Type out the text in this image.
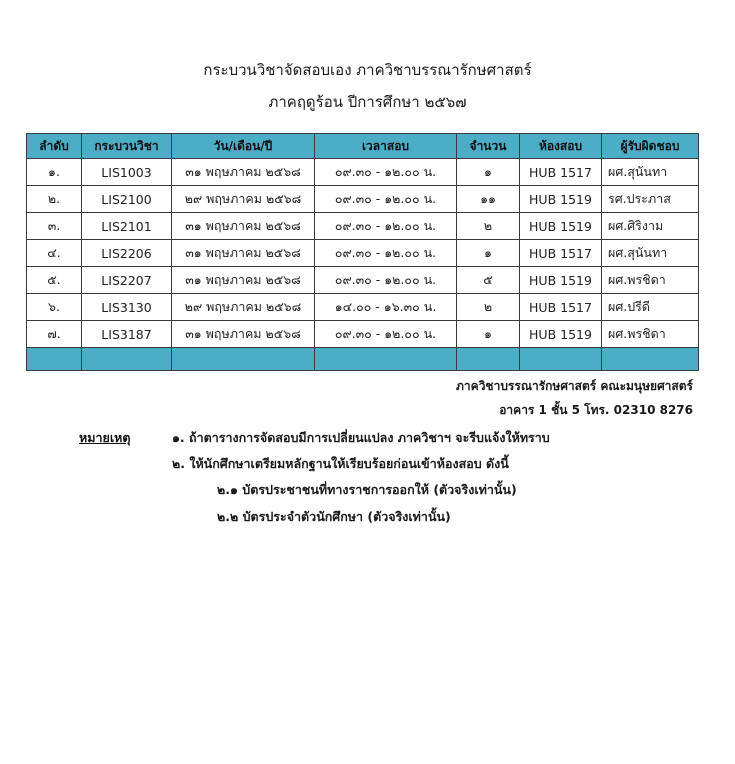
กระบวนวิชาจัดสอบเอง ภาควิชาบรรณารักษศาสตร์
ภาคฤดูร้อน ปีการศึกษา ๒๕๖๗
ลำดับ	กระบวนวิชา	วัน/เดือน/ปี	เวลาสอบ	จำนวน	ห้องสอบ	ผู้รับผิดชอบ
๑.	LIS1003	๓๑ พฤษภาคม ๒๕๖๘	๐๙.๓๐ - ๑๒.๐๐ น.	๑	HUB 1517	ผศ.สุนันทา
๒.	LIS2100	๒๙ พฤษภาคม ๒๕๖๘	๐๙.๓๐ - ๑๒.๐๐ น.	๑๑	HUB 1519	รศ.ประภาส
๓.	LIS2101	๓๑ พฤษภาคม ๒๕๖๘	๐๙.๓๐ - ๑๒.๐๐ น.	๒	HUB 1519	ผศ.ศิริงาม
๔.	LIS2206	๓๑ พฤษภาคม ๒๕๖๘	๐๙.๓๐ - ๑๒.๐๐ น.	๑	HUB 1517	ผศ.สุนันทา
๕.	LIS2207	๓๑ พฤษภาคม ๒๕๖๘	๐๙.๓๐ - ๑๒.๐๐ น.	๕	HUB 1519	ผศ.พรชิดา
๖.	LIS3130	๒๙ พฤษภาคม ๒๕๖๘	๑๔.๐๐ - ๑๖.๓๐ น.	๒	HUB 1517	ผศ.ปรีดี
๗.	LIS3187	๓๑ พฤษภาคม ๒๕๖๘	๐๙.๓๐ - ๑๒.๐๐ น.	๑	HUB 1519	ผศ.พรชิดา

ภาควิชาบรรณารักษศาสตร์ คณะมนุษยศาสตร์
อาคาร 1 ชั้น 5 โทร. 02310 8276
หมายเหตุ	๑. ถ้าตารางการจัดสอบมีการเปลี่ยนแปลง ภาควิชาฯ จะรีบแจ้งให้ทราบ
๒. ให้นักศึกษาเตรียมหลักฐานให้เรียบร้อยก่อนเข้าห้องสอบ ดังนี้
๒.๑ บัตรประชาชนที่ทางราชการออกให้ (ตัวจริงเท่านั้น)
๒.๒ บัตรประจำตัวนักศึกษา (ตัวจริงเท่านั้น)
